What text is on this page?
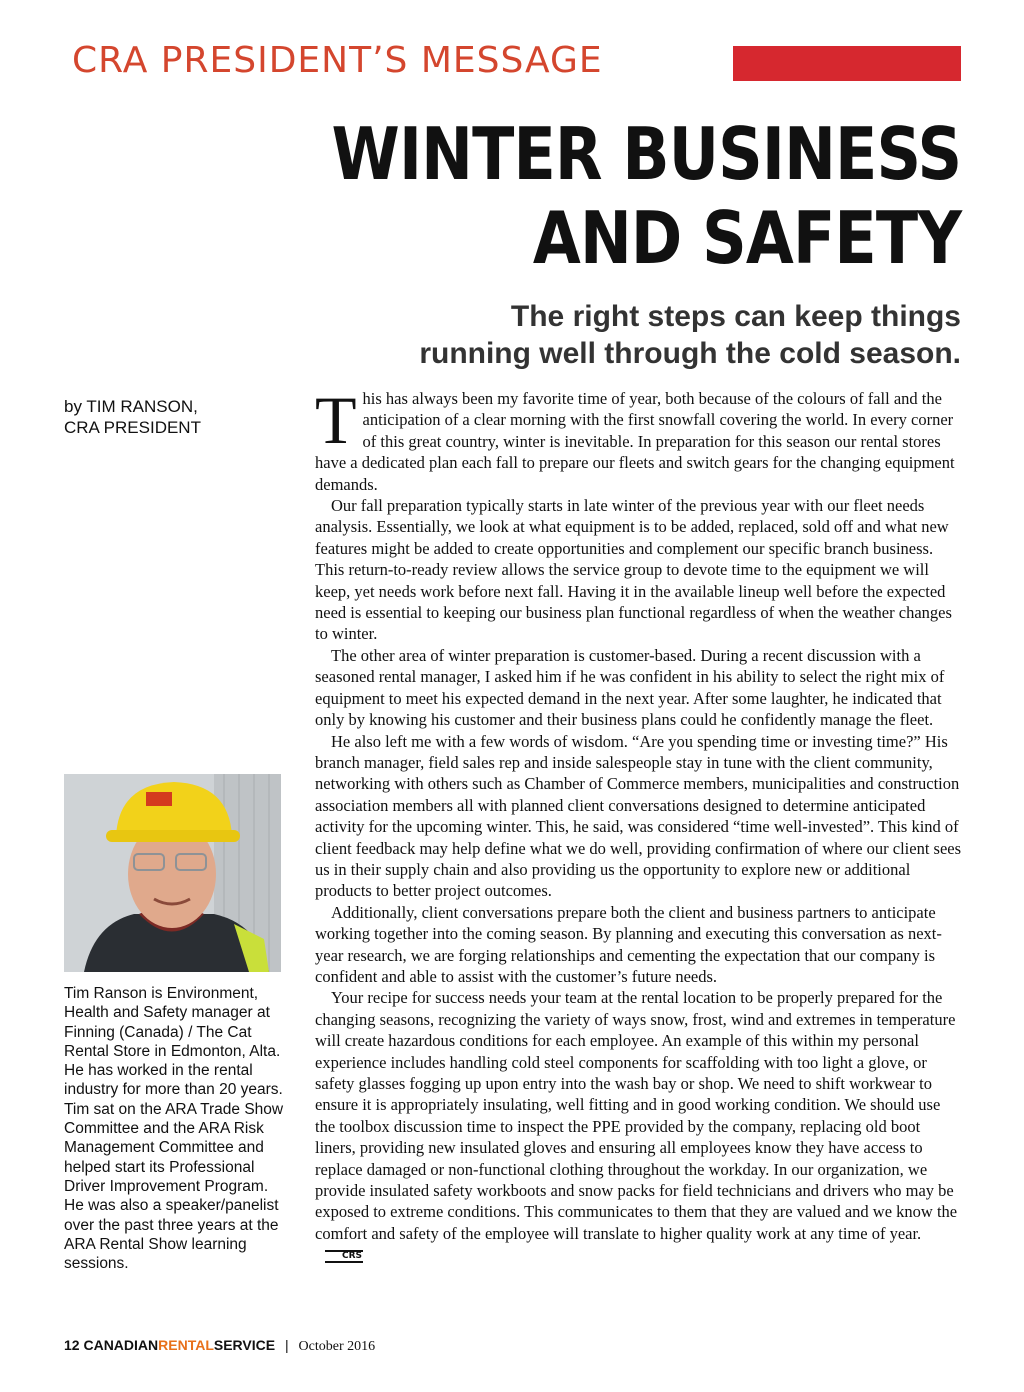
CRA PRESIDENT’S MESSAGE
WINTER BUSINESS
AND SAFETY
The right steps can keep things
running well through the cold season.
by TIM RANSON,
CRA PRESIDENT
Tim Ranson is Environment, Health and Safety manager at Finning (Canada) / The Cat Rental Store in Edmonton, Alta. He has worked in the rental industry for more than 20 years. Tim sat on the ARA Trade Show Committee and the ARA Risk Management Committee and helped start its Professional Driver Improvement Program. He was also a speaker/panelist over the past three years at the ARA Rental Show learning sessions.

This has always been my favorite time of year, both because of the colours of fall and the anticipation of a clear morning with the first snowfall covering the world. In every corner of this great country, winter is inevitable. In preparation for this season our rental stores have a dedicated plan each fall to prepare our fleets and switch gears for the changing equipment demands.

Our fall preparation typically starts in late winter of the previous year with our fleet needs analysis. Essentially, we look at what equipment is to be added, replaced, sold off and what new features might be added to create opportunities and complement our specific branch business. This return-to-ready review allows the service group to devote time to the equipment we will keep, yet needs work before next fall. Having it in the available lineup well before the expected need is essential to keeping our business plan functional regardless of when the weather changes to winter.

The other area of winter preparation is customer-based. During a recent discussion with a seasoned rental manager, I asked him if he was confident in his ability to select the right mix of equipment to meet his expected demand in the next year. After some laughter, he indicated that only by knowing his customer and their business plans could he confidently manage the fleet.

He also left me with a few words of wisdom. “Are you spending time or investing time?” His branch manager, field sales rep and inside salespeople stay in tune with the client community, networking with others such as Chamber of Commerce members, municipalities and construction association members all with planned client conversations designed to determine anticipated activity for the upcoming winter. This, he said, was considered “time well-invested”. This kind of client feedback may help define what we do well, providing confirmation of where our client sees us in their supply chain and also providing us the opportunity to explore new or additional products to better project outcomes.

Additionally, client conversations prepare both the client and business partners to anticipate working together into the coming season. By planning and executing this conversation as next-year research, we are forging relationships and cementing the expectation that our company is confident and able to assist with the customer’s future needs.

Your recipe for success needs your team at the rental location to be properly prepared for the changing seasons, recognizing the variety of ways snow, frost, wind and extremes in temperature will create hazardous conditions for each employee. An example of this within my personal experience includes handling cold steel components for scaffolding with too light a glove, or safety glasses fogging up upon entry into the wash bay or shop. We need to shift workwear to ensure it is appropriately insulating, well fitting and in good working condition. We should use the toolbox discussion time to inspect the PPE provided by the company, replacing old boot liners, providing new insulated gloves and ensuring all employees know they have access to replace damaged or non-functional clothing throughout the workday. In our organization, we provide insulated safety workboots and snow packs for field technicians and drivers who may be exposed to extreme conditions. This communicates to them that they are valued and we know the comfort and safety of the employee will translate to higher quality work at any time of year.CRS

12 CANADIANRENTALSERVICE | October 2016
